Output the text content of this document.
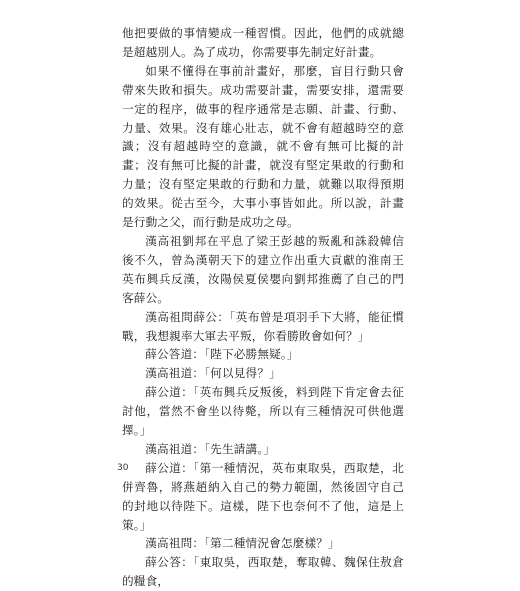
他把要做的事情變成一種習慣。因此，他們的成就總是超越別人。為了成功，你需要事先制定好計畫。

如果不懂得在事前計畫好，那麼，盲目行動只會帶來失敗和損失。成功需要計畫，需要安排，還需要一定的程序，做事的程序通常是志願、計畫、行動、力量、效果。沒有雄心壯志，就不會有超越時空的意識；沒有超越時空的意識，就不會有無可比擬的計畫；沒有無可比擬的計畫，就沒有堅定果敢的行動和力量；沒有堅定果敢的行動和力量，就難以取得預期的效果。從古至今，大事小事皆如此。所以說，計畫是行動之父，而行動是成功之母。

漢高祖劉邦在平息了梁王彭越的叛亂和誅殺韓信後不久，曾為漢朝天下的建立作出重大貢獻的淮南王英布興兵反漢，汝陽侯夏侯嬰向劉邦推薦了自己的門客薛公。

漢高祖問薛公：「英布曾是項羽手下大將，能征慣戰，我想親率大軍去平叛，你看勝敗會如何？」

薛公答道：「陛下必勝無疑。」

漢高祖道：「何以見得？」

薛公道：「英布興兵反叛後，料到陛下肯定會去征討他，當然不會坐以待斃，所以有三種情況可供他選擇。」

漢高祖道：「先生請講。」

薛公道：「第一種情況，英布東取吳，西取楚，北併齊魯，將燕趙納入自己的勢力範圍，然後固守自己的封地以待陛下。這樣，陛下也奈何不了他，這是上策。」

漢高祖問：「第二種情況會怎麼樣？」

薛公答：「東取吳，西取楚，奪取韓、魏保住敖倉的糧食，

30
